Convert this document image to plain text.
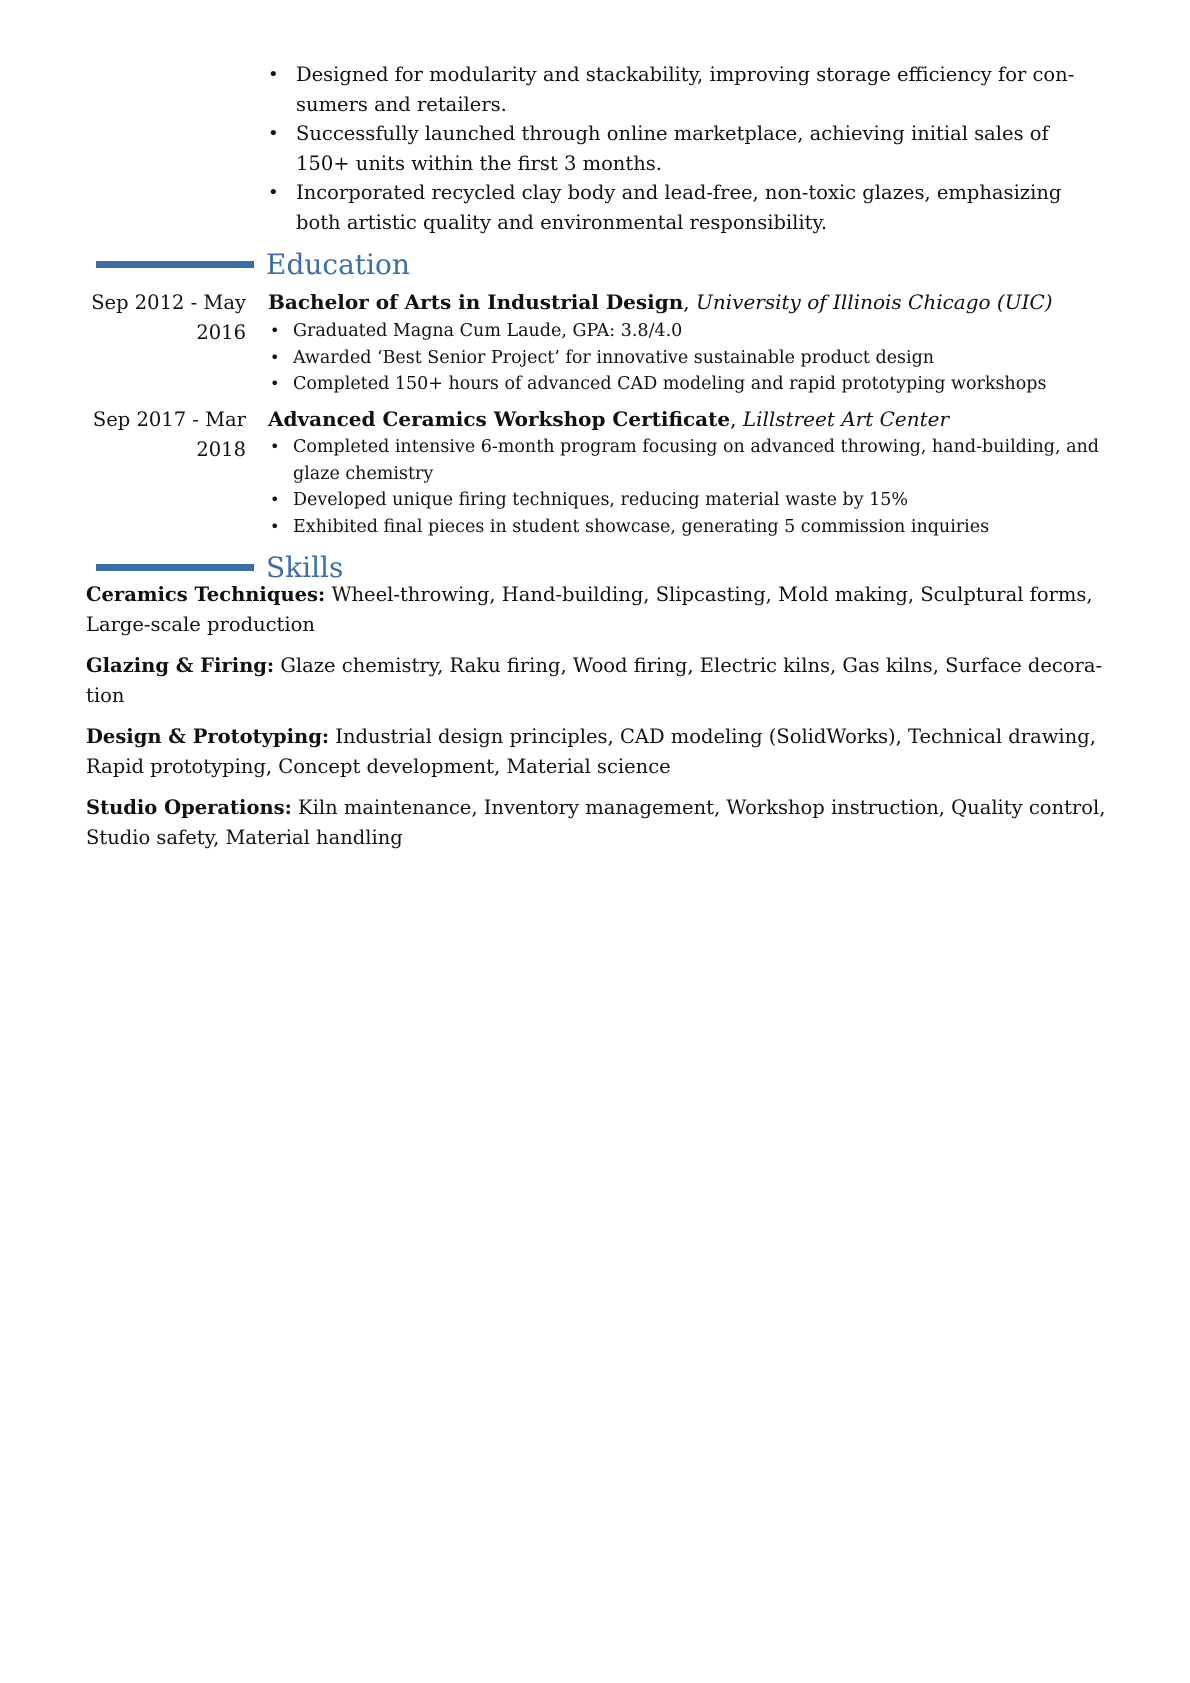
• Designed for modularity and stackability, improving storage efficiency for con-sumers and retailers.
• Successfully launched through online marketplace, achieving initial sales of 150+ units within the first 3 months.
• Incorporated recycled clay body and lead-free, non-toxic glazes, emphasizing both artistic quality and environmental responsibility.
Education
Sep 2012 - May 2016
Bachelor of Arts in Industrial Design, University of Illinois Chicago (UIC)
• Graduated Magna Cum Laude, GPA: 3.8/4.0
• Awarded ‘Best Senior Project’ for innovative sustainable product design
• Completed 150+ hours of advanced CAD modeling and rapid prototyping workshops
Sep 2017 - Mar 2018
Advanced Ceramics Workshop Certificate, Lillstreet Art Center
• Completed intensive 6-month program focusing on advanced throwing, hand-building, and glaze chemistry
• Developed unique firing techniques, reducing material waste by 15%
• Exhibited final pieces in student showcase, generating 5 commission inquiries
Skills
Ceramics Techniques: Wheel-throwing, Hand-building, Slipcasting, Mold making, Sculptural forms, Large-scale production
Glazing & Firing: Glaze chemistry, Raku firing, Wood firing, Electric kilns, Gas kilns, Surface decora-tion
Design & Prototyping: Industrial design principles, CAD modeling (SolidWorks), Technical drawing, Rapid prototyping, Concept development, Material science
Studio Operations: Kiln maintenance, Inventory management, Workshop instruction, Quality control, Studio safety, Material handling
